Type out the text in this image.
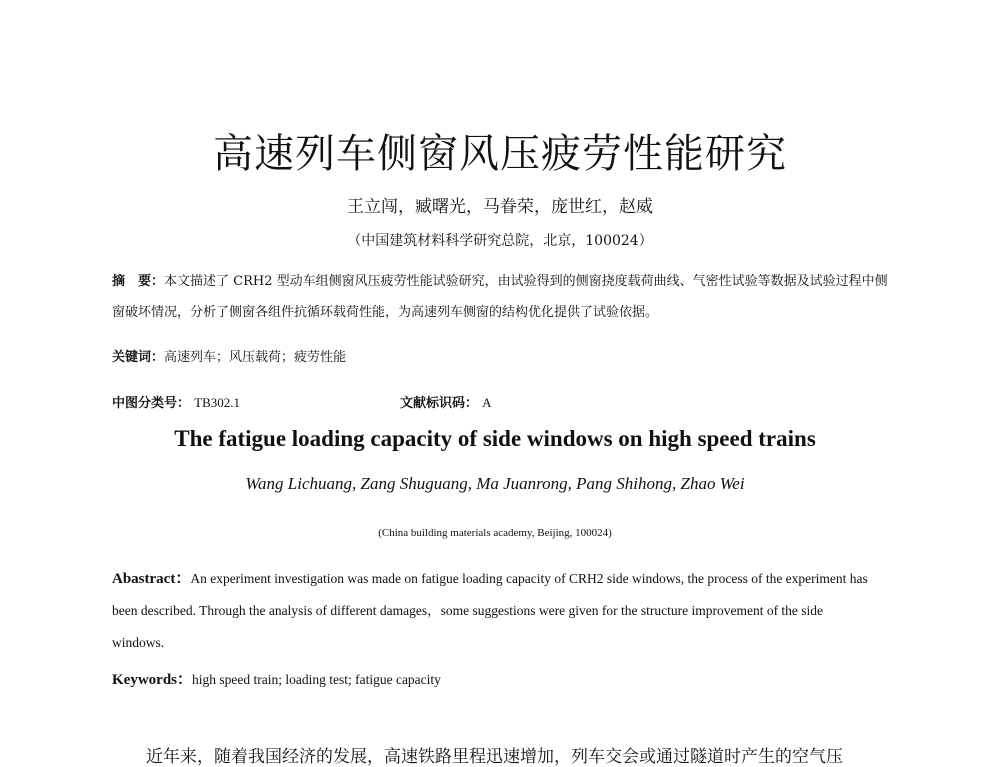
高速列车侧窗风压疲劳性能研究
王立闯，臧曙光，马眷荣，庞世红，赵威
（中国建筑材料科学研究总院，北京，100024）
摘　要：本文描述了 CRH2 型动车组侧窗风压疲劳性能试验研究，由试验得到的侧窗挠度载荷曲线、气密性试验等数据及试验过程中侧窗破坏情况，分析了侧窗各组件抗循环载荷性能，为高速列车侧窗的结构优化提供了试验依据。
关键词：高速列车；风压载荷；疲劳性能
中图分类号： TB302.1	文献标识码： A
The fatigue loading capacity of side windows on high speed trains
Wang Lichuang, Zang Shuguang, Ma Juanrong, Pang Shihong, Zhao Wei
(China building materials academy, Beijing, 100024)
Abastract：An experiment investigation was made on fatigue loading capacity of CRH2 side windows, the process of the experiment has been described. Through the analysis of different damages，some suggestions were given for the structure improvement of the side windows.
Keywords：high speed train; loading test; fatigue capacity
近年来，随着我国经济的发展，高速铁路里程迅速增加，列车交会或通过隧道时产生的空气压
